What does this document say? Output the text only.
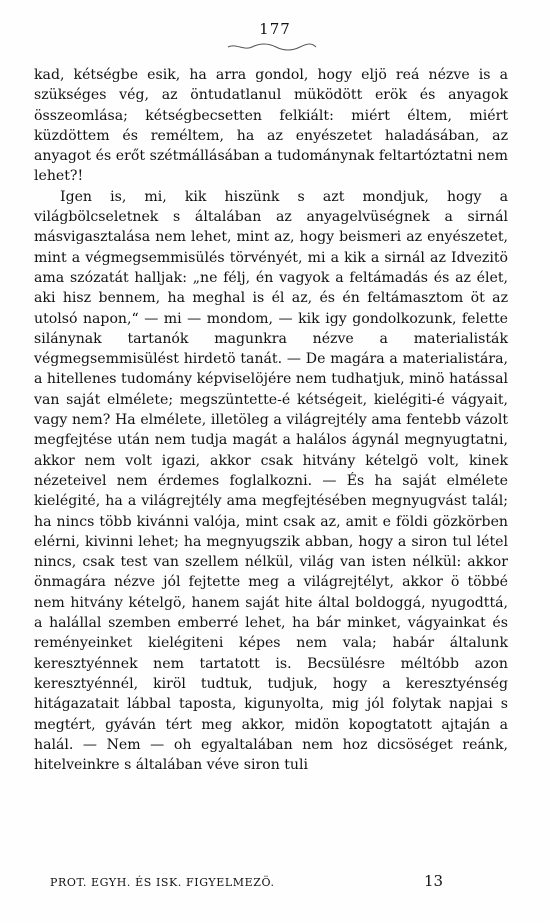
177

kad, kétségbe esik, ha arra gondol, hogy eljö reá nézve is a szükséges vég, az öntudatlanul müködött erök és anyagok összeomlása; kétségbecsetten felkiált: miért éltem, miért küzdöttem és reméltem, ha az enyészetet haladásában, az anyagot és erőt szétmállásában a tudománynak feltartóztatni nem lehet?!

Igen is, mi, kik hiszünk s azt mondjuk, hogy a világbölcseletnek s általában az anyagelvüségnek a sirnál másvigasztalása nem lehet, mint az, hogy beismeri az enyészetet, mint a végmegsemmisülés törvényét, mi a kik a sirnál az Idvezitö ama szózatát halljak: „ne félj, én vagyok a feltámadás és az élet, aki hisz bennem, ha meghal is él az, és én feltámasztom öt az utolsó napon,“ — mi — mondom, — kik igy gondolkozunk, felette silánynak tartanók magunkra nézve a materialisták végmegsemmisülést hirdetö tanát. — De magára a materialistára, a hitellenes tudomány képviselöjére nem tudhatjuk, minö hatással van saját elmélete; megszüntette-é kétségeit, kielégiti-é vágyait, vagy nem? Ha elmélete, illetöleg a világrejtély ama fentebb vázolt megfejtése után nem tudja magát a halálos ágynál megnyugtatni, akkor nem volt igazi, akkor csak hitvány kételgö volt, kinek nézeteivel nem érdemes foglalkozni. — És ha saját elmélete kielégité, ha a világrejtély ama megfejtésében megnyugvást talál; ha nincs több kivánni valója, mint csak az, amit e földi gözkörben elérni, kivinni lehet; ha megnyugszik abban, hogy a siron tul létel nincs, csak test van szellem nélkül, világ van isten nélkül: akkor önmagára nézve jól fejtette meg a világrejtélyt, akkor ö többé nem hitvány kételgö, hanem saját hite által boldoggá, nyugodttá, a halállal szemben emberré lehet, ha bár minket, vágyainkat és reményeinket kielégiteni képes nem vala; habár általunk keresztyénnek nem tartatott is. Becsülésre méltóbb azon keresztyénnél, kiröl tudtuk, tudjuk, hogy a keresztyénség hitágazatait lábbal taposta, kigunyolta, mig jól folytak napjai s megtért, gyáván tért meg akkor, midön kopogtatott ajtaján a halál. — Nem — oh egyaltalában nem hoz dicsöséget reánk, hitelveinkre s általában véve siron tuli

PROT. EGYH. ÉS ISK. FIGYELMEZÖ.	13
